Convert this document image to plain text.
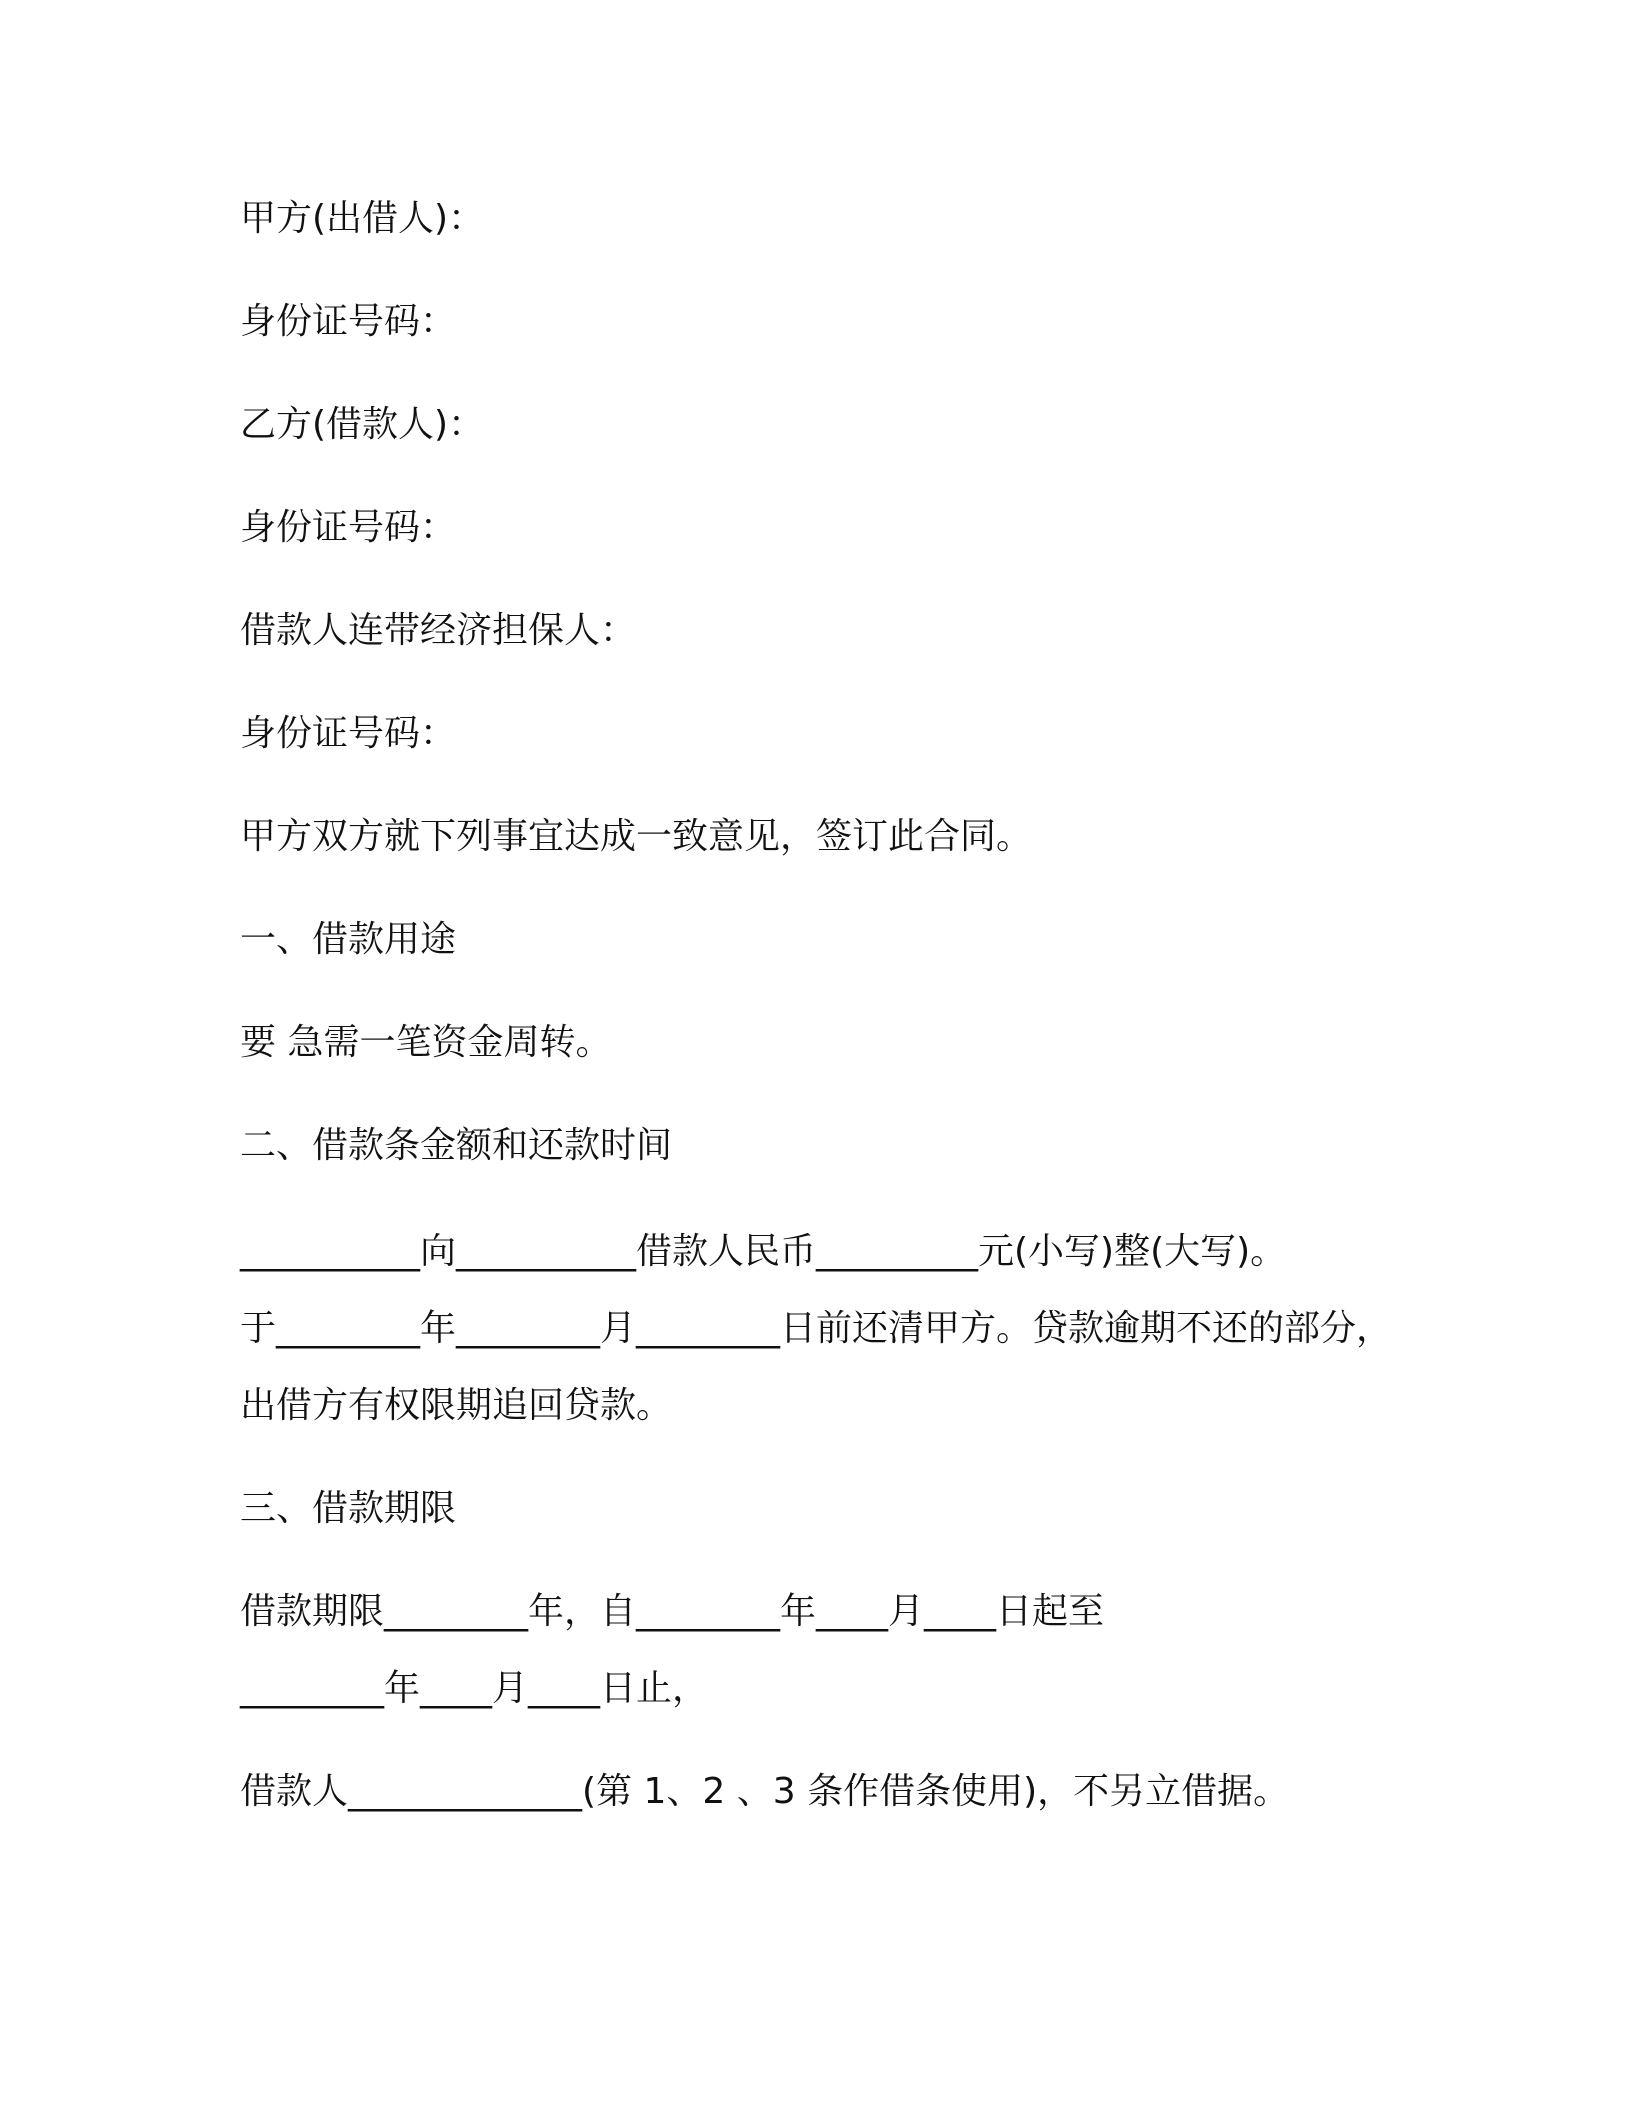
甲方(出借人)：
身份证号码：
乙方(借款人)：
身份证号码：
借款人连带经济担保人：
身份证号码：
甲方双方就下列事宜达成一致意见，签订此合同。
一、借款用途
要 急需一笔资金周转。
二、借款条金额和还款时间
__________向__________借款人民币_________元(小写)整(大写)。
于________年________月________日前还清甲方。贷款逾期不还的部分，
出借方有权限期追回贷款。
三、借款期限
借款期限________年，自________年____月____日起至
________年____月____日止，
借款人_____________(第 1、2 、3 条作借条使用)，不另立借据。
